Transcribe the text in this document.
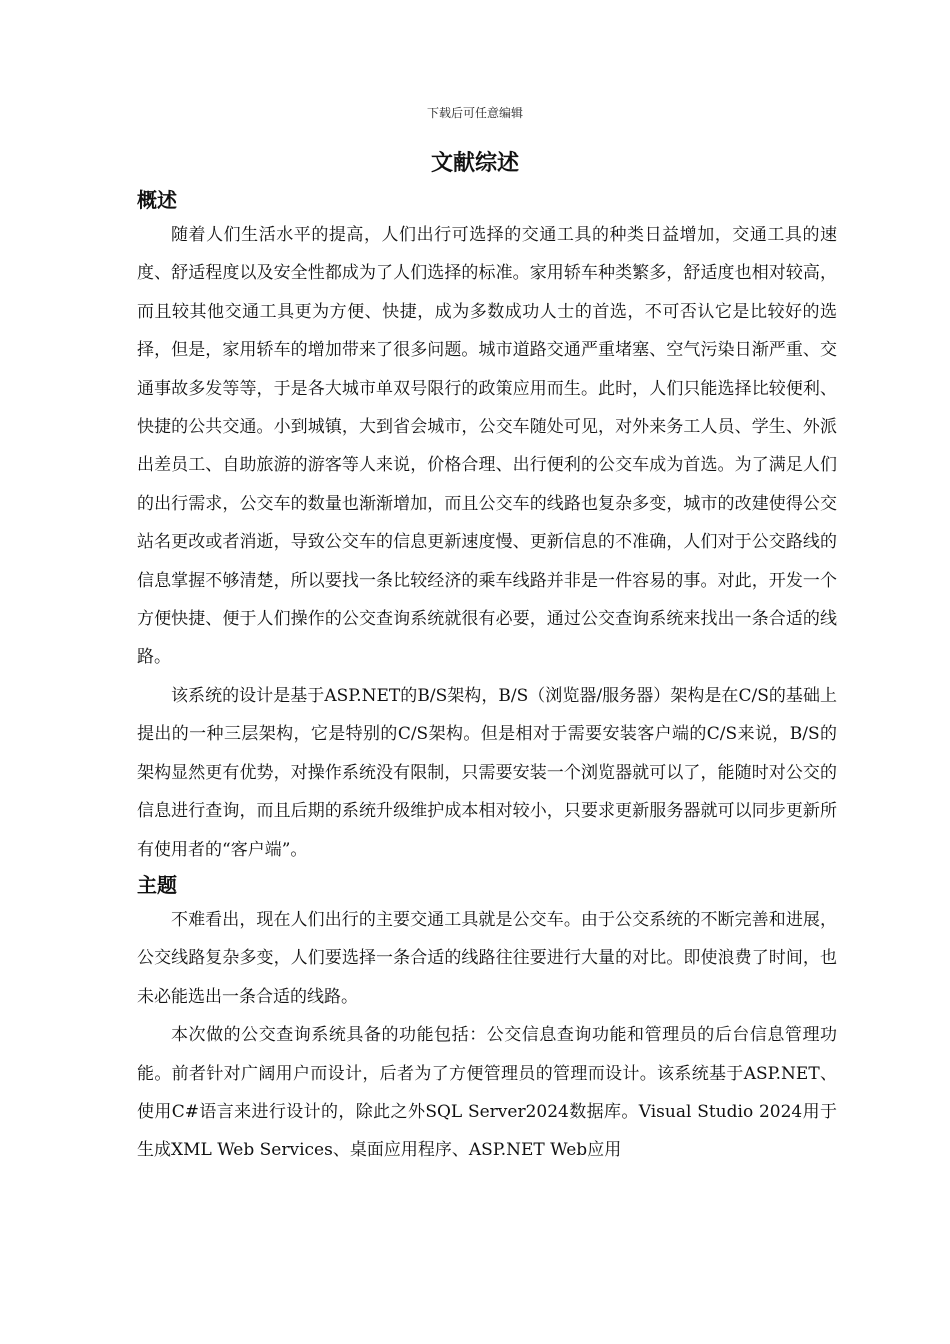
下载后可任意编辑
文献综述
概述

随着人们生活水平的提高，人们出行可选择的交通工具的种类日益增加，交通工具的速度、舒适程度以及安全性都成为了人们选择的标准。家用轿车种类繁多，舒适度也相对较高，而且较其他交通工具更为方便、快捷，成为多数成功人士的首选，不可否认它是比较好的选择，但是，家用轿车的增加带来了很多问题。城市道路交通严重堵塞、空气污染日渐严重、交通事故多发等等，于是各大城市单双号限行的政策应用而生。此时，人们只能选择比较便利、快捷的公共交通。小到城镇，大到省会城市，公交车随处可见，对外来务工人员、学生、外派出差员工、自助旅游的游客等人来说，价格合理、出行便利的公交车成为首选。为了满足人们的出行需求，公交车的数量也渐渐增加，而且公交车的线路也复杂多变，城市的改建使得公交站名更改或者消逝，导致公交车的信息更新速度慢、更新信息的不准确，人们对于公交路线的信息掌握不够清楚，所以要找一条比较经济的乘车线路并非是一件容易的事。对此，开发一个方便快捷、便于人们操作的公交查询系统就很有必要，通过公交查询系统来找出一条合适的线路。

该系统的设计是基于ASP.NET的B/S架构，B/S（浏览器/服务器）架构是在C/S的基础上提出的一种三层架构，它是特别的C/S架构。但是相对于需要安装客户端的C/S来说，B/S的架构显然更有优势，对操作系统没有限制，只需要安装一个浏览器就可以了，能随时对公交的信息进行查询，而且后期的系统升级维护成本相对较小，只要求更新服务器就可以同步更新所有使用者的“客户端”。

主题

不难看出，现在人们出行的主要交通工具就是公交车。由于公交系统的不断完善和进展，公交线路复杂多变，人们要选择一条合适的线路往往要进行大量的对比。即使浪费了时间，也未必能选出一条合适的线路。

本次做的公交查询系统具备的功能包括：公交信息查询功能和管理员的后台信息管理功能。前者针对广阔用户而设计，后者为了方便管理员的管理而设计。该系统基于ASP.NET、使用C#语言来进行设计的，除此之外SQL Server2024数据库。Visual Studio 2024用于生成XML Web Services、桌面应用程序、ASP.NET Web应用
